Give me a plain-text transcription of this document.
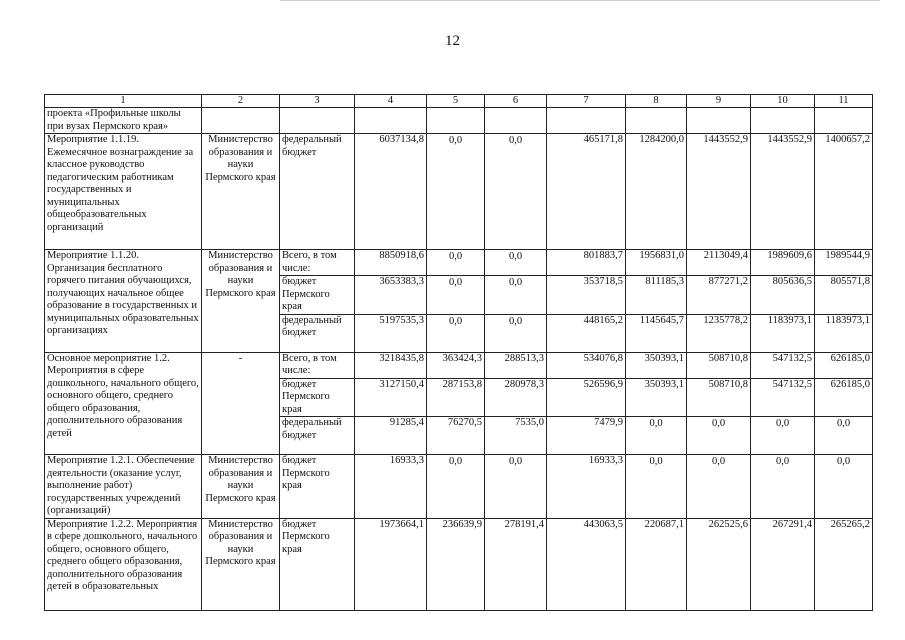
12
1	2	3	4	5	6	7	8	9	10	11
проекта «Профильные школы при вузах Пермского края»										
Мероприятие 1.1.19. Ежемесячное вознаграждение за классное руководство педагогическим работникам государственных и муниципальных общеобразовательных организаций	Министерство образования и науки Пермского края	федеральный бюджет	6037134,8	0,0	0,0	465171,8	1284200,0	1443552,9	1443552,9	1400657,2
Мероприятие 1.1.20. Организация бесплатного горячего питания обучающихся, получающих начальное общее образование в государственных и муниципальных образовательных организациях	Министерство образования и науки Пермского края	Всего, в том числе:	8850918,6	0,0	0,0	801883,7	1956831,0	2113049,4	1989609,6	1989544,9
		бюджет Пермского края	3653383,3	0,0	0,0	353718,5	811185,3	877271,2	805636,5	805571,8
		федеральный бюджет	5197535,3	0,0	0,0	448165,2	1145645,7	1235778,2	1183973,1	1183973,1
Основное мероприятие 1.2. Мероприятия в сфере дошкольного, начального общего, основного общего, среднего общего образования, дополнительного образования детей	-	Всего, в том числе:	3218435,8	363424,3	288513,3	534076,8	350393,1	508710,8	547132,5	626185,0
		бюджет Пермского края	3127150,4	287153,8	280978,3	526596,9	350393,1	508710,8	547132,5	626185,0
		федеральный бюджет	91285,4	76270,5	7535,0	7479,9	0,0	0,0	0,0	0,0
Мероприятие 1.2.1. Обеспечение деятельности (оказание услуг, выполнение работ) государственных учреждений (организаций)	Министерство образования и науки Пермского края	бюджет Пермского края	16933,3	0,0	0,0	16933,3	0,0	0,0	0,0	0,0
Мероприятие 1.2.2. Мероприятия в сфере дошкольного, начального общего, основного общего, среднего общего образования, дополнительного образования детей в образовательных	Министерство образования и науки Пермского края	бюджет Пермского края	1973664,1	236639,9	278191,4	443063,5	220687,1	262525,6	267291,4	265265,2
